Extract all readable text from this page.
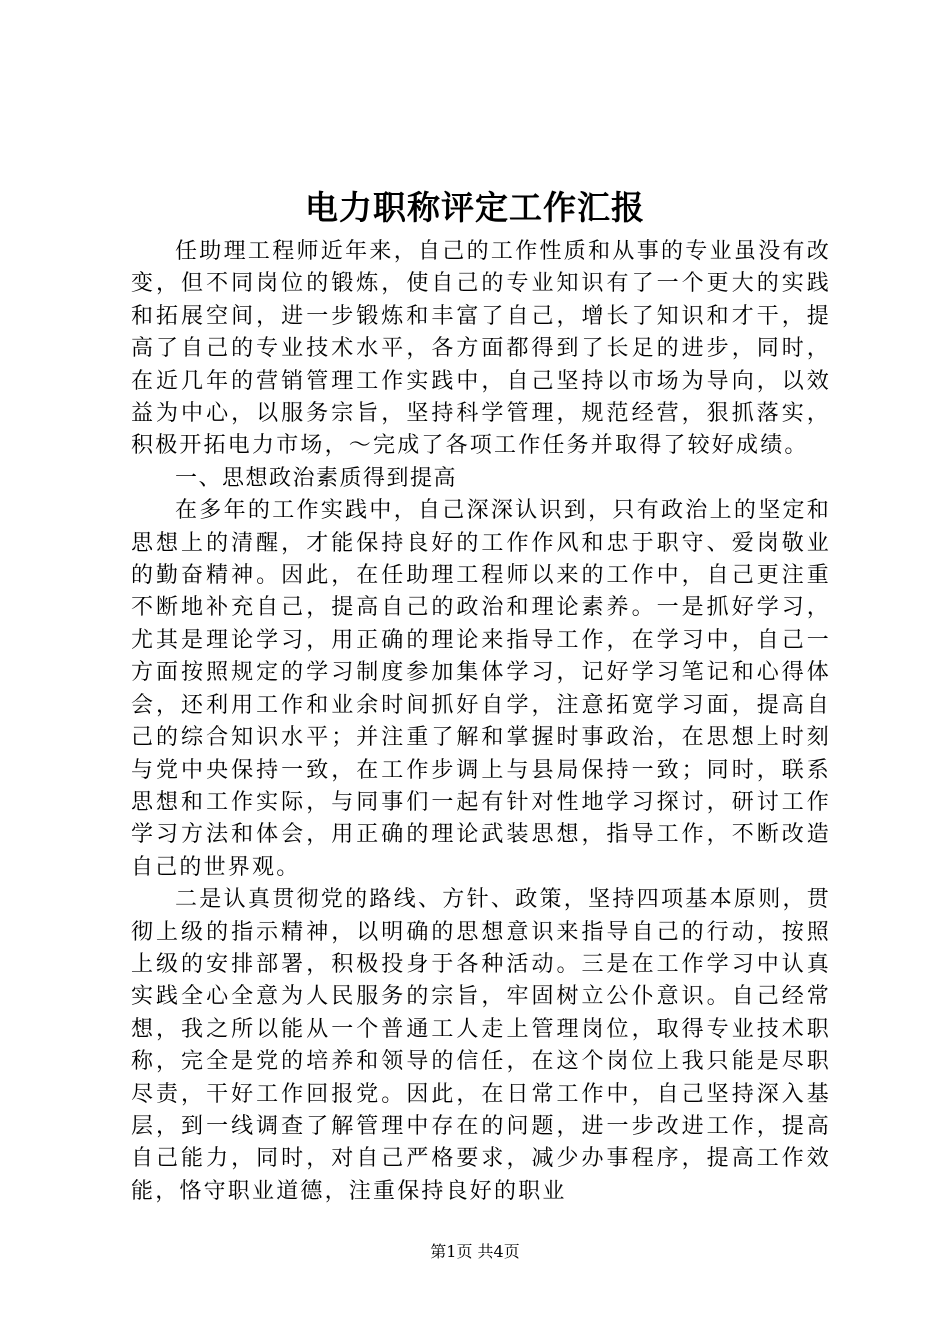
电力职称评定工作汇报

任助理工程师近年来，自己的工作性质和从事的专业虽没有改变，但不同岗位的锻炼，使自己的专业知识有了一个更大的实践和拓展空间，进一步锻炼和丰富了自己，增长了知识和才干，提高了自己的专业技术水平，各方面都得到了长足的进步，同时，在近几年的营销管理工作实践中，自己坚持以市场为导向，以效益为中心，以服务宗旨，坚持科学管理，规范经营，狠抓落实，积极开拓电力市场，～完成了各项工作任务并取得了较好成绩。

一、思想政治素质得到提高

在多年的工作实践中，自己深深认识到，只有政治上的坚定和思想上的清醒，才能保持良好的工作作风和忠于职守、爱岗敬业的勤奋精神。因此，在任助理工程师以来的工作中，自己更注重不断地补充自己，提高自己的政治和理论素养。一是抓好学习，尤其是理论学习，用正确的理论来指导工作，在学习中，自己一方面按照规定的学习制度参加集体学习，记好学习笔记和心得体会，还利用工作和业余时间抓好自学，注意拓宽学习面，提高自己的综合知识水平；并注重了解和掌握时事政治，在思想上时刻与党中央保持一致，在工作步调上与县局保持一致；同时，联系思想和工作实际，与同事们一起有针对性地学习探讨，研讨工作学习方法和体会，用正确的理论武装思想，指导工作，不断改造自己的世界观。

二是认真贯彻党的路线、方针、政策，坚持四项基本原则，贯彻上级的指示精神，以明确的思想意识来指导自己的行动，按照上级的安排部署，积极投身于各种活动。三是在工作学习中认真实践全心全意为人民服务的宗旨，牢固树立公仆意识。自己经常想，我之所以能从一个普通工人走上管理岗位，取得专业技术职称，完全是党的培养和领导的信任，在这个岗位上我只能是尽职尽责，干好工作回报党。因此，在日常工作中，自己坚持深入基层，到一线调查了解管理中存在的问题，进一步改进工作，提高自己能力，同时，对自己严格要求，减少办事程序，提高工作效能，恪守职业道德，注重保持良好的职业

第1页 共4页
